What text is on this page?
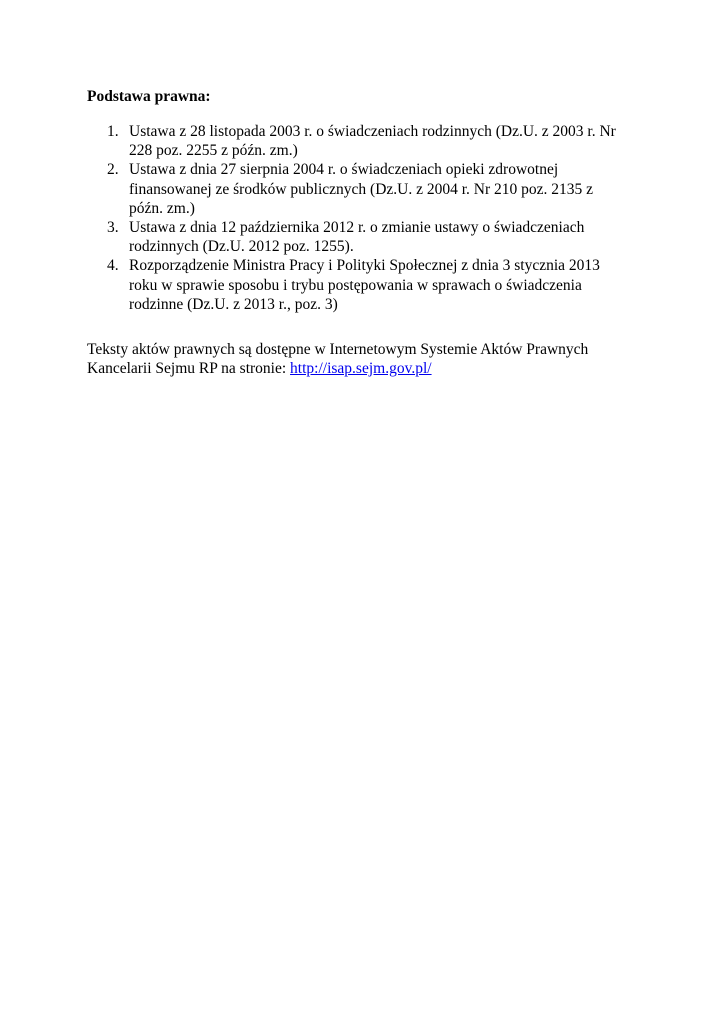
Podstawa prawna:
1. Ustawa z 28 listopada 2003 r. o świadczeniach rodzinnych (Dz.U. z 2003 r. Nr
228 poz. 2255 z późn. zm.)
2. Ustawa z dnia 27 sierpnia 2004 r. o świadczeniach opieki zdrowotnej
finansowanej ze środków publicznych (Dz.U. z 2004 r. Nr 210 poz. 2135 z
późn. zm.)
3. Ustawa z dnia 12 października 2012 r. o zmianie ustawy o świadczeniach
rodzinnych (Dz.U. 2012 poz. 1255).
4. Rozporządzenie Ministra Pracy i Polityki Społecznej z dnia 3 stycznia 2013
roku w sprawie sposobu i trybu postępowania w sprawach o świadczenia
rodzinne (Dz.U. z 2013 r., poz. 3)
Teksty aktów prawnych są dostępne w Internetowym Systemie Aktów Prawnych
Kancelarii Sejmu RP na stronie: http://isap.sejm.gov.pl/
